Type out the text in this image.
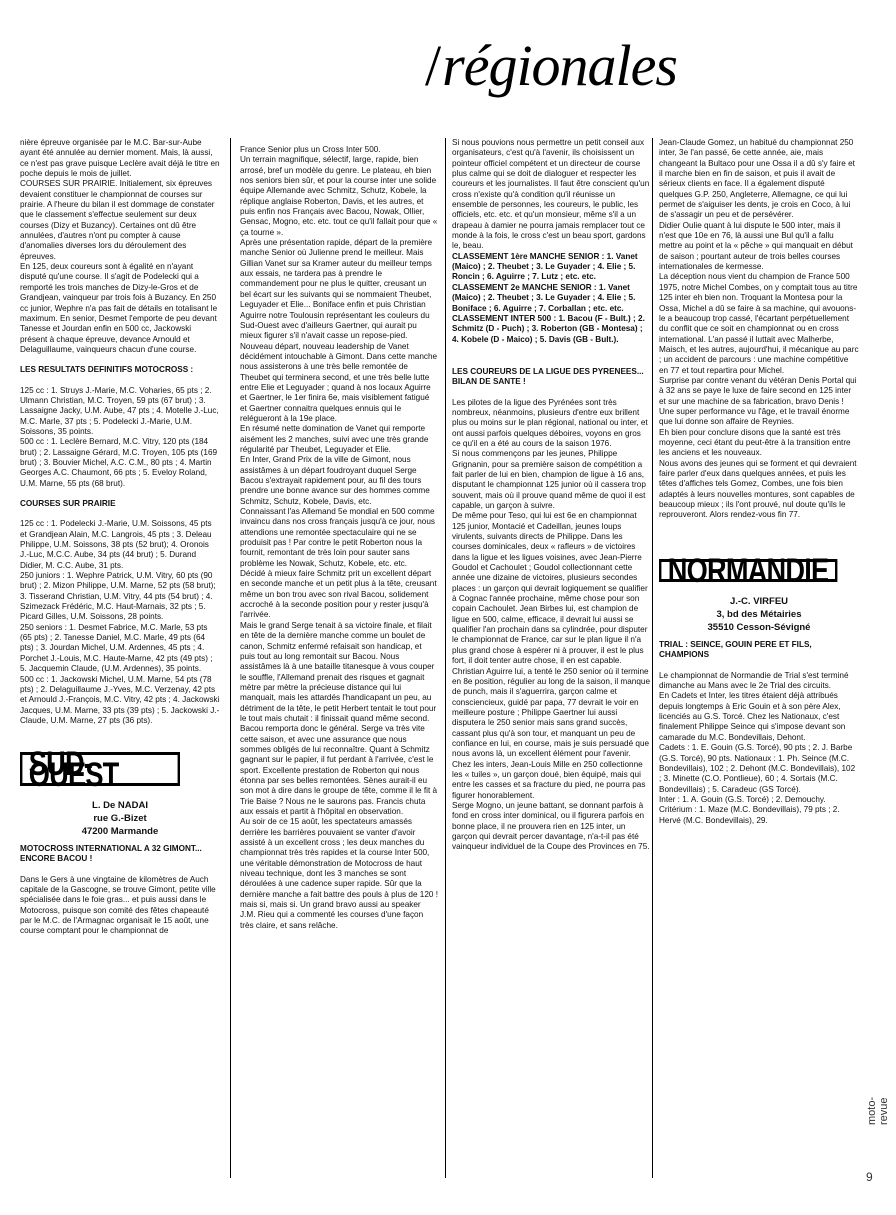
/régionales

nière épreuve organisée par le M.C. Bar-sur-Aube ayant été annulée au dernier moment. Mais, là aussi, ce n'est pas grave puisque Leclère avait déjà le titre en poche depuis le mois de juillet.

COURSES SUR PRAIRIE. Initialement, six épreuves devaient constituer le championnat de courses sur prairie. A l'heure du bilan il est dommage de constater que le classement s'effectue seulement sur deux courses (Dizy et Buzancy). Certaines ont dû être annulées, d'autres n'ont pu compter à cause d'anomalies diverses lors du déroulement des épreuves.

En 125, deux coureurs sont à égalité en n'ayant disputé qu'une course. Il s'agit de Podelecki qui a remporté les trois manches de Dizy-le-Gros et de Grandjean, vainqueur par trois fois à Buzancy. En 250 cc junior, Wephre n'a pas fait de détails en totalisant le maximum. En senior, Desmet l'emporte de peu devant Tanesse et Jourdan enfin en 500 cc, Jackowski présent à chaque épreuve, devance Arnould et Delaguillaume, vainqueurs chacun d'une course.

LES RESULTATS DEFINITIFS MOTOCROSS :

125 cc : 1. Struys J.-Marie, M.C. Voharies, 65 pts ; 2. Ulmann Christian, M.C. Troyen, 59 pts (67 brut) ; 3. Lassaigne Jacky, U.M. Aube, 47 pts ; 4. Motelle J.-Luc, M.C. Marle, 37 pts ; 5. Podelecki J.-Marie, U.M. Soissons, 35 points.

500 cc : 1. Leclère Bernard, M.C. Vitry, 120 pts (184 brut) ; 2. Lassaigne Gérard, M.C. Troyen, 105 pts (169 brut) ; 3. Bouvier Michel, A.C. C.M., 80 pts ; 4. Martin Georges A.C. Chaumont, 66 pts ; 5. Eveloy Roland, U.M. Marne, 55 pts (68 brut).

COURSES SUR PRAIRIE

125 cc : 1. Podelecki J.-Marie, U.M. Soissons, 45 pts et Grandjean Alain, M.C. Langrois, 45 pts ; 3. Deleau Philippe, U.M. Soissons, 38 pts (52 brut); 4. Oronois J.-Luc, M.C.C. Aube, 34 pts (44 brut) ; 5. Durand Didier, M. C.C. Aube, 31 pts.

250 juniors : 1. Wephre Patrick, U.M. Vitry, 60 pts (90 brut) ; 2. Mizon Philippe, U.M. Marne, 52 pts (58 brut); 3. Tisserand Christian, U.M. Vitry, 44 pts (54 brut) ; 4. Szimezack Frédéric, M.C. Haut-Marnais, 32 pts ; 5. Picard Gilles, U.M. Soissons, 28 points.

250 seniors : 1. Desmet Fabrice, M.C. Marle, 53 pts (65 pts) ; 2. Tanesse Daniel, M.C. Marle, 49 pts (64 pts) ; 3. Jourdan Michel, U.M. Ardennes, 45 pts ; 4. Porchet J.-Louis, M.C. Haute-Marne, 42 pts (49 pts) ; 5. Jacquemin Claude, (U.M. Ardennes), 35 points.

500 cc : 1. Jackowski Michel, U.M. Marne, 54 pts (78 pts) ; 2. Delaguillaume J.-Yves, M.C. Verzenay, 42 pts et Arnould J.-François, M.C. Vitry, 42 pts ; 4. Jackowski Jacques, U.M. Marne, 33 pts (39 pts) ; 5. Jackowski J.-Claude, U.M. Marne, 27 pts (36 pts).

SUD-OUEST
L. De NADAI
rue G.-Bizet
47200 Marmande

MOTOCROSS INTERNATIONAL A 32 GIMONT... ENCORE BACOU !

Dans le Gers à une vingtaine de kilomètres de Auch capitale de la Gascogne, se trouve Gimont, petite ville spécialisée dans le foie gras... et puis aussi dans le Motocross, puisque son comité des fêtes chapeauté par le M.C. de l'Armagnac organisait le 15 août, une course comptant pour le championnat de

France Senior plus un Cross Inter 500.

Un terrain magnifique, sélectif, large, rapide, bien arrosé, bref un modèle du genre. Le plateau, eh bien nos seniors bien sûr, et pour la course inter une solide équipe Allemande avec Schmitz, Schutz, Kobele, la réplique anglaise Roberton, Davis, et les autres, et puis enfin nos Français avec Bacou, Nowak, Ollier, Gensac, Mogno, etc. etc. tout ce qu'il fallait pour que « ça tourne ».

Après une présentation rapide, départ de la première manche Senior où Julienne prend le meilleur. Mais Gillian Vanet sur sa Kramer auteur du meilleur temps aux essais, ne tardera pas à prendre le commandement pour ne plus le quitter, creusant un bel écart sur les suivants qui se nommaient Theubet, Leguyader et Elie... Boniface enfin et puis Christian Aguirre notre Toulousin représentant les couleurs du Sud-Ouest avec d'ailleurs Gaertner, qui aurait pu mieux figurer s'il n'avait casse un repose-pied.

Nouveau départ, nouveau leadership de Vanet décidément intouchable à Gimont. Dans cette manche nous assisterons à une très belle remontée de Theubet qui terminera second, et une très belle lutte entre Elie et Leguyader ; quand à nos locaux Aguirre et Gaertner, le 1er finira 6e, mais visiblement fatigué et Gaertner connaitra quelques ennuis qui le relégueront à la 19e place.

En résumé nette domination de Vanet qui remporte aisément les 2 manches, suivi avec une très grande régularité par Theubet, Leguyader et Elie.

En Inter, Grand Prix de la ville de Gimont, nous assistâmes à un départ foudroyant duquel Serge Bacou s'extrayait rapidement pour, au fil des tours prendre une bonne avance sur des hommes comme Schmitz, Schutz, Kobele, Davis, etc.

Connaissant l'as Allemand 5e mondial en 500 comme invaincu dans nos cross français jusqu'à ce jour, nous attendions une remontée spectaculaire qui ne se produisit pas ! Par contre le petit Roberton nous la fournit, remontant de très loin pour sauter sans problème les Nowak, Schutz, Kobele, etc. etc.

Décidé à mieux faire Schmitz prit un excellent départ en seconde manche et un petit plus à la tête, creusant même un bon trou avec son rival Bacou, solidement accroché à la seconde position pour y rester jusqu'à l'arrivée.

Mais le grand Serge tenait à sa victoire finale, et filait en tête de la dernière manche comme un boulet de canon, Schmitz enfermé refaisait son handicap, et puis tout au long remontait sur Bacou. Nous assistâmes là à une bataille titanesque à vous couper le souffle, l'Allemand prenait des risques et gagnait mètre par mètre la précieuse distance qui lui manquait, mais les attardés l'handicapant un peu, au détriment de la tête, le petit Herbert tentait le tout pour le tout mais chutait : il finissait quand même second. Bacou remporta donc le général. Serge va très vite cette saison, et avec une assurance que nous sommes obligés de lui reconnaître. Quant à Schmitz gagnant sur le papier, il fut perdant à l'arrivée, c'est le sport. Excellente prestation de Roberton qui nous étonna par ses belles remontées. Sènes aurait-il eu son mot à dire dans le groupe de tête, comme il le fit à Trie Baise ? Nous ne le saurons pas. Francis chuta aux essais et partit à l'hôpital en observation.

Au soir de ce 15 août, les spectateurs amassés derrière les barrières pouvaient se vanter d'avoir assisté à un excellent cross ; les deux manches du championnat très très rapides et la course Inter 500, une véritable démonstration de Motocross de haut niveau technique, dont les 3 manches se sont déroulées à une cadence super rapide. Sûr que la dernière manche a fait battre des pouls à plus de 120 ! mais si, mais si. Un grand bravo aussi au speaker J.M. Rieu qui a commenté les courses d'une façon très claire, et sans relâche.

Si nous pouvions nous permettre un petit conseil aux organisateurs, c'est qu'à l'avenir, ils choisissent un pointeur officiel compétent et un directeur de course plus calme qui se doit de dialoguer et respecter les coureurs et les journalistes. Il faut être conscient qu'un cross n'existe qu'à condition qu'il réunisse un ensemble de personnes, les coureurs, le public, les officiels, etc. etc. et qu'un monsieur, même s'il a un drapeau à damier ne pourra jamais remplacer tout ce monde à la fois, le cross c'est un beau sport, gardons le, beau.

CLASSEMENT 1ère MANCHE SENIOR : 1. Vanet (Maico) ; 2. Theubet ; 3. Le Guyader ; 4. Elie ; 5. Roncin ; 6. Aguirre ; 7. Lutz ; etc. etc.

CLASSEMENT 2e MANCHE SENIOR : 1. Vanet (Maico) ; 2. Theubet ; 3. Le Guyader ; 4. Elie ; 5. Boniface ; 6. Aguirre ; 7. Corballan ; etc. etc.

CLASSEMENT INTER 500 : 1. Bacou (F - Bult.) ; 2. Schmitz (D - Puch) ; 3. Roberton (GB - Montesa) ; 4. Kobele (D - Maico) ; 5. Davis (GB - Bult.).

LES COUREURS DE LA LIGUE DES PYRENEES... BILAN DE SANTE !

Les pilotes de la ligue des Pyrénées sont très nombreux, néanmoins, plusieurs d'entre eux brillent plus ou moins sur le plan régional, national ou inter, et ont aussi parfois quelques déboires, voyons en gros ce qu'il en a été au cours de la saison 1976.

Si nous commençons par les jeunes, Philippe Grignanin, pour sa première saison de compétition a fait parler de lui en bien, champion de ligue à 16 ans, disputant le championnat 125 junior où il cassera trop souvent, mais où il prouve quand même de quoi il est capable, un garçon à suivre.

De même pour Teso, qui lui est 6e en championnat 125 junior, Montacié et Cadeillan, jeunes loups virulents, suivants directs de Philippe. Dans les courses dominicales, deux « rafleurs » de victoires dans la ligue et les ligues voisines, avec Jean-Pierre Goudol et Cachoulet ; Goudol collectionnant cette année une dizaine de victoires, plusieurs secondes places : un garçon qui devrait logiquement se qualifier à Cognac l'année prochaine, même chose pour son copain Cachoulet. Jean Birbes lui, est champion de ligue en 500, calme, efficace, il devrait lui aussi se qualifier l'an prochain dans sa cylindrée, pour disputer le championnat de France, car sur le plan ligue il n'a plus grand chose à espérer ni à prouver, il est le plus fort, il doit tenter autre chose, il en est capable.

Christian Aguirre lui, a tenté le 250 senior où il termine en 8e position, régulier au long de la saison, il manque de punch, mais il s'aguerrira, garçon calme et consciencieux, guidé par papa, 77 devrait le voir en meilleure posture ; Philippe Gaertner lui aussi disputera le 250 senior mais sans grand succès, cassant plus qu'à son tour, et manquant un peu de confiance en lui, en course, mais je suis persuadé que nous avons là, un excellent élément pour l'avenir.

Chez les inters, Jean-Louis Mille en 250 collectionne les « tuiles », un garçon doué, bien équipé, mais qui entre les casses et sa fracture du pied, ne pourra pas figurer honorablement.

Serge Mogno, un jeune battant, se donnant parfois à fond en cross inter dominical, ou il figurera parfois en bonne place, il ne prouvera rien en 125 inter, un garçon qui devrait percer davantage, n'a-t-il pas été vainqueur individuel de la Coupe des Provinces en 75.

Jean-Claude Gomez, un habitué du championnat 250 inter, 3e l'an passé, 6e cette année, aie, mais changeant la Bultaco pour une Ossa il a dû s'y faire et il marche bien en fin de saison, et puis il avait de sérieux clients en face. Il a également disputé quelques G.P. 250, Angleterre, Allemagne, ce qui lui permet de s'aiguiser les dents, je crois en Coco, à lui de s'assagir un peu et de persévérer.

Didier Oulie quant à lui dispute le 500 inter, mais il n'est que 10e en 76, là aussi une Bul qu'il a fallu mettre au point et la « pêche » qui manquait en début de saison ; pourtant auteur de trois belles courses internationales de kermesse.

La déception nous vient du champion de France 500 1975, notre Michel Combes, on y comptait tous au titre 125 inter eh bien non. Troquant la Montesa pour la Ossa, Michel a dû se faire à sa machine, qui avouons-le a beaucoup trop cassé, l'écartant perpétuellement du conflit que ce soit en championnat ou en cross international. L'an passé il luttait avec Malherbe, Maisch, et les autres, aujourd'hui, il mécanique au parc ; un accident de parcours : une machine compétitive en 77 et tout repartira pour Michel.

Surprise par contre venant du vétéran Denis Portal qui à 32 ans se paye le luxe de faire second en 125 inter et sur une machine de sa fabrication, bravo Denis ! Une super performance vu l'âge, et le travail énorme que lui donne son affaire de Reynies.

Eh bien pour conclure disons que la santé est très moyenne, ceci étant du peut-être à la transition entre les anciens et les nouveaux.

Nous avons des jeunes qui se forment et qui devraient faire parler d'eux dans quelques années, et puis les têtes d'affiches tels Gomez, Combes, une fois bien adaptés à leurs nouvelles montures, sont capables de beaucoup mieux ; ils l'ont prouvé, nul doute qu'ils le reprouveront. Alors rendez-vous fin 77.

NORMANDIE
J.-C. VIRFEU
3, bd des Métairies
35510 Cesson-Sévigné

TRIAL : SEINCE, GOUIN PERE ET FILS, CHAMPIONS

Le championnat de Normandie de Trial s'est terminé dimanche au Mans avec le 2e Trial des circuits.

En Cadets et Inter, les titres étaient déjà attribués depuis longtemps à Eric Gouin et à son père Alex, licenciés au G.S. Torcé. Chez les Nationaux, c'est finalement Philippe Seince qui s'impose devant son camarade du M.C. Bondevillais, Dehont.

Cadets : 1. E. Gouin (G.S. Torcé), 90 pts ; 2. J. Barbe (G.S. Torcé), 90 pts. Nationaux : 1. Ph. Seince (M.C. Bondevillais), 102 ; 2. Dehont (M.C. Bondevillais), 102 ; 3. Minette (C.O. Pontlieue), 60 ; 4. Sortais (M.C. Bondevillais) ; 5. Caradeuc (GS Torcé).

Inter : 1. A. Gouin (G.S. Torcé) ; 2. Demouchy.

Critérium : 1. Maze (M.C. Bondevillais), 79 pts ; 2. Hervé (M.C. Bondevillais), 29.

moto-revue
9
